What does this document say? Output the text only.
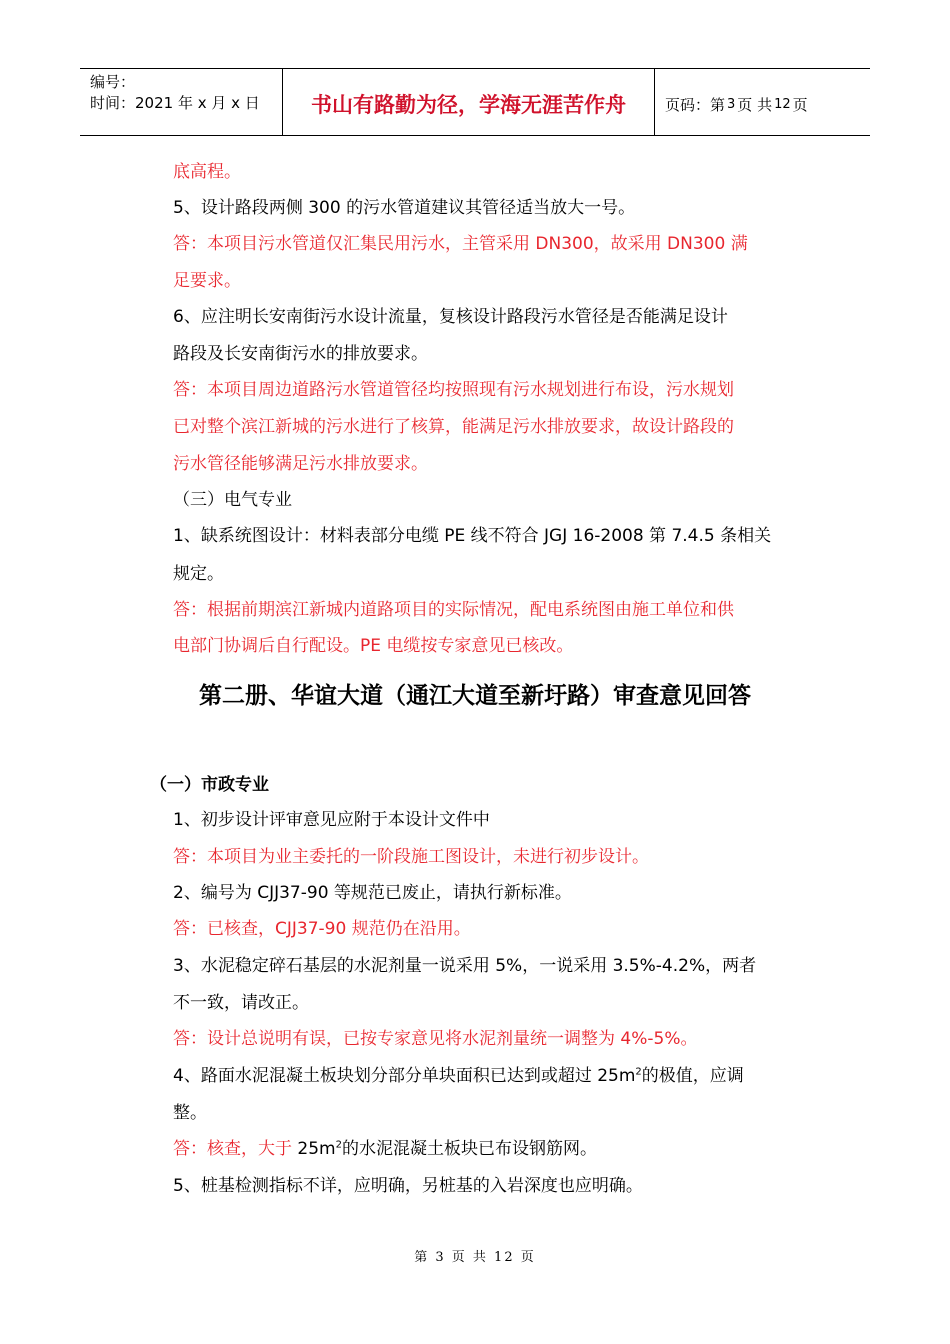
编号：
时间：2021 年 x 月 x 日	书山有路勤为径，学海无涯苦作舟	页码：第 3 页 共 12 页
底高程。
5、设计路段两侧 300 的污水管道建议其管径适当放大一号。
答：本项目污水管道仅汇集民用污水，主管采用 DN300，故采用 DN300 满
足要求。
6、应注明长安南街污水设计流量，复核设计路段污水管径是否能满足设计
路段及长安南街污水的排放要求。
答：本项目周边道路污水管道管径均按照现有污水规划进行布设，污水规划
已对整个滨江新城的污水进行了核算，能满足污水排放要求，故设计路段的
污水管径能够满足污水排放要求。
（三）电气专业
1、缺系统图设计：材料表部分电缆 PE 线不符合 JGJ 16-2008 第 7.4.5 条相关
规定。
答：根据前期滨江新城内道路项目的实际情况，配电系统图由施工单位和供
电部门协调后自行配设。PE 电缆按专家意见已核改。
第二册、华谊大道（通江大道至新圩路）审查意见回答
（一）市政专业
1、初步设计评审意见应附于本设计文件中
答：本项目为业主委托的一阶段施工图设计，未进行初步设计。
2、编号为 CJJ37-90 等规范已废止，请执行新标准。
答：已核查，CJJ37-90 规范仍在沿用。
3、水泥稳定碎石基层的水泥剂量一说采用 5%，一说采用 3.5%-4.2%，两者
不一致，请改正。
答：设计总说明有误，已按专家意见将水泥剂量统一调整为 4%-5%。
4、路面水泥混凝土板块划分部分单块面积已达到或超过 $25m^2$的极值，应调
整。
答：核查，大于 $25m^2$的水泥混凝土板块已布设钢筋网。
5、桩基检测指标不详，应明确，另桩基的入岩深度也应明确。
第 3 页 共 12 页
